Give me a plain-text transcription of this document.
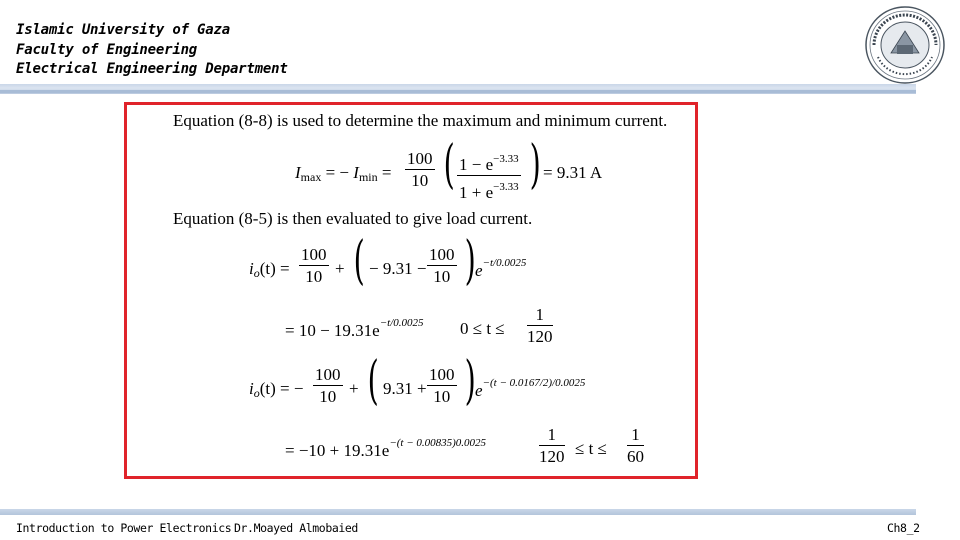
Islamic University of Gaza
Faculty of Engineering
Electrical Engineering Department
Equation (8-8) is used to determine the maximum and minimum current.
$I_{max}$ = − $I_{min} = \frac{100}{10}$ ( $\frac{1 - e^{-3.33}}{1 + e^{-3.33}}$ ) = 9.31 A
Equation (8-5) is then evaluated to give load current.
$i_o(t) = \frac{100}{10}$ + ( − $9.31 - \frac{100}{10}$ ) $e^{-t/0.0025}$
= $10 - 19.31e^{-t/0.0025}$ $0 \le t \le \frac{1}{120}$
$i_o(t)$ = − $\frac{100}{10}$ + ( $9.31 + \frac{100}{10}$ ) $e^{-(t - 0.0167/2)/0.0025}$
= $-10 + 19.31e^{-(t - 0.00835)0.0025}$	$\frac{1}{120} \le t \le \frac{1}{60}$
Introduction to Power Electronics Dr.Moayed Almobaied	Ch8_2
